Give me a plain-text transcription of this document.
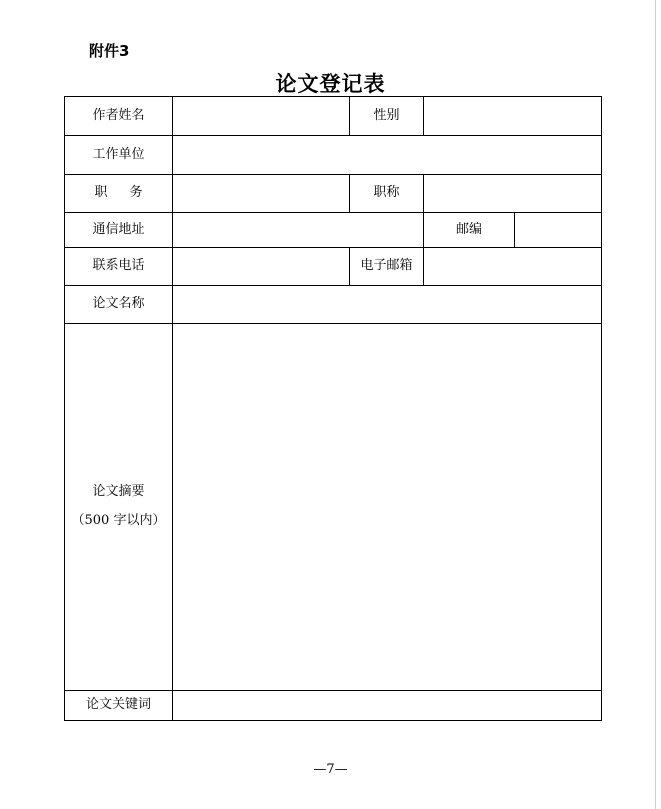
附件3
论文登记表
作者姓名		性别		
工作单位				
职务		职称		
通信地址			邮编	
联系电话		电子邮箱		
论文名称				
论文摘要
（500 字以内）				

论文关键词				
—7—
